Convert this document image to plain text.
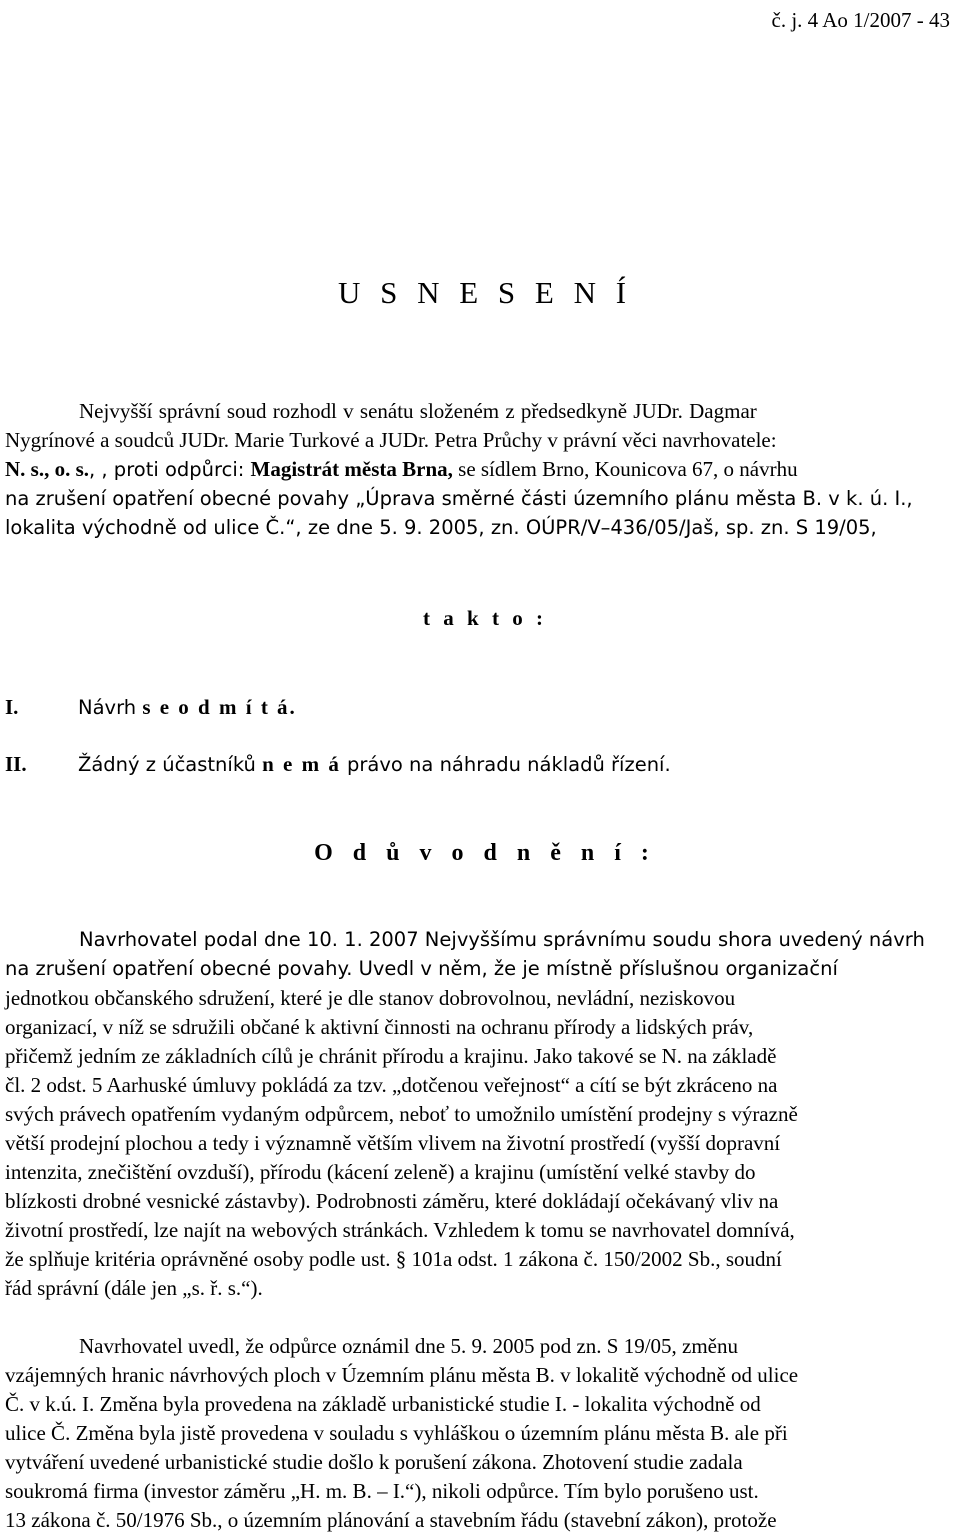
č. j. 4 Ao 1/2007 - 43
U S N E S E N Í
Nejvyšší správní soud rozhodl v senátu složeném z předsedkyně JUDr. Dagmar
Nygrínové a soudců JUDr. Marie Turkové a JUDr. Petra Průchy v právní věci navrhovatele:
N. s., o. s., , proti odpůrci: Magistrát města Brna, se sídlem Brno, Kounicova 67, o návrhu
na zrušení opatření obecné povahy „Úprava směrné části územního plánu města B. v k. ú. I.,
lokalita východně od ulice Č.“, ze dne 5. 9. 2005, zn. OÚPR/V–436/05/Jaš, sp. zn. S 19/05,
t a k t o :
I.	Návrh s e o d m í t á.
II.	Žádný z účastníků n e m á právo na náhradu nákladů řízení.
O d ů v o d n ě n í :
Navrhovatel podal dne 10. 1. 2007 Nejvyššímu správnímu soudu shora uvedený návrh
na zrušení opatření obecné povahy. Uvedl v něm, že je místně příslušnou organizační
jednotkou občanského sdružení, které je dle stanov dobrovolnou, nevládní, neziskovou
organizací, v níž se sdružili občané k aktivní činnosti na ochranu přírody a lidských práv,
přičemž jedním ze základních cílů je chránit přírodu a krajinu. Jako takové se N. na základě
čl. 2 odst. 5 Aarhuské úmluvy pokládá za tzv. „dotčenou veřejnost“ a cítí se být zkráceno na
svých právech opatřením vydaným odpůrcem, neboť to umožnilo umístění prodejny s výrazně
větší prodejní plochou a tedy i významně větším vlivem na životní prostředí (vyšší dopravní
intenzita, znečištění ovzduší), přírodu (kácení zeleně) a krajinu (umístění velké stavby do
blízkosti drobné vesnické zástavby). Podrobnosti záměru, které dokládají očekávaný vliv na
životní prostředí, lze najít na webových stránkách. Vzhledem k tomu se navrhovatel domnívá,
že splňuje kritéria oprávněné osoby podle ust. § 101a odst. 1 zákona č. 150/2002 Sb., soudní
řád správní (dále jen „s. ř. s.“).
Navrhovatel uvedl, že odpůrce oznámil dne 5. 9. 2005 pod zn. S 19/05, změnu
vzájemných hranic návrhových ploch v Územním plánu města B. v lokalitě východně od ulice
Č. v k.ú. I. Změna byla provedena na základě urbanistické studie I. - lokalita východně od
ulice Č. Změna byla jistě provedena v souladu s vyhláškou o územním plánu města B. ale při
vytváření uvedené urbanistické studie došlo k porušení zákona. Zhotovení studie zadala
soukromá firma (investor záměru „H. m. B. – I.“), nikoli odpůrce. Tím bylo porušeno ust.
13 zákona č. 50/1976 Sb., o územním plánování a stavebním řádu (stavební zákon), protože
